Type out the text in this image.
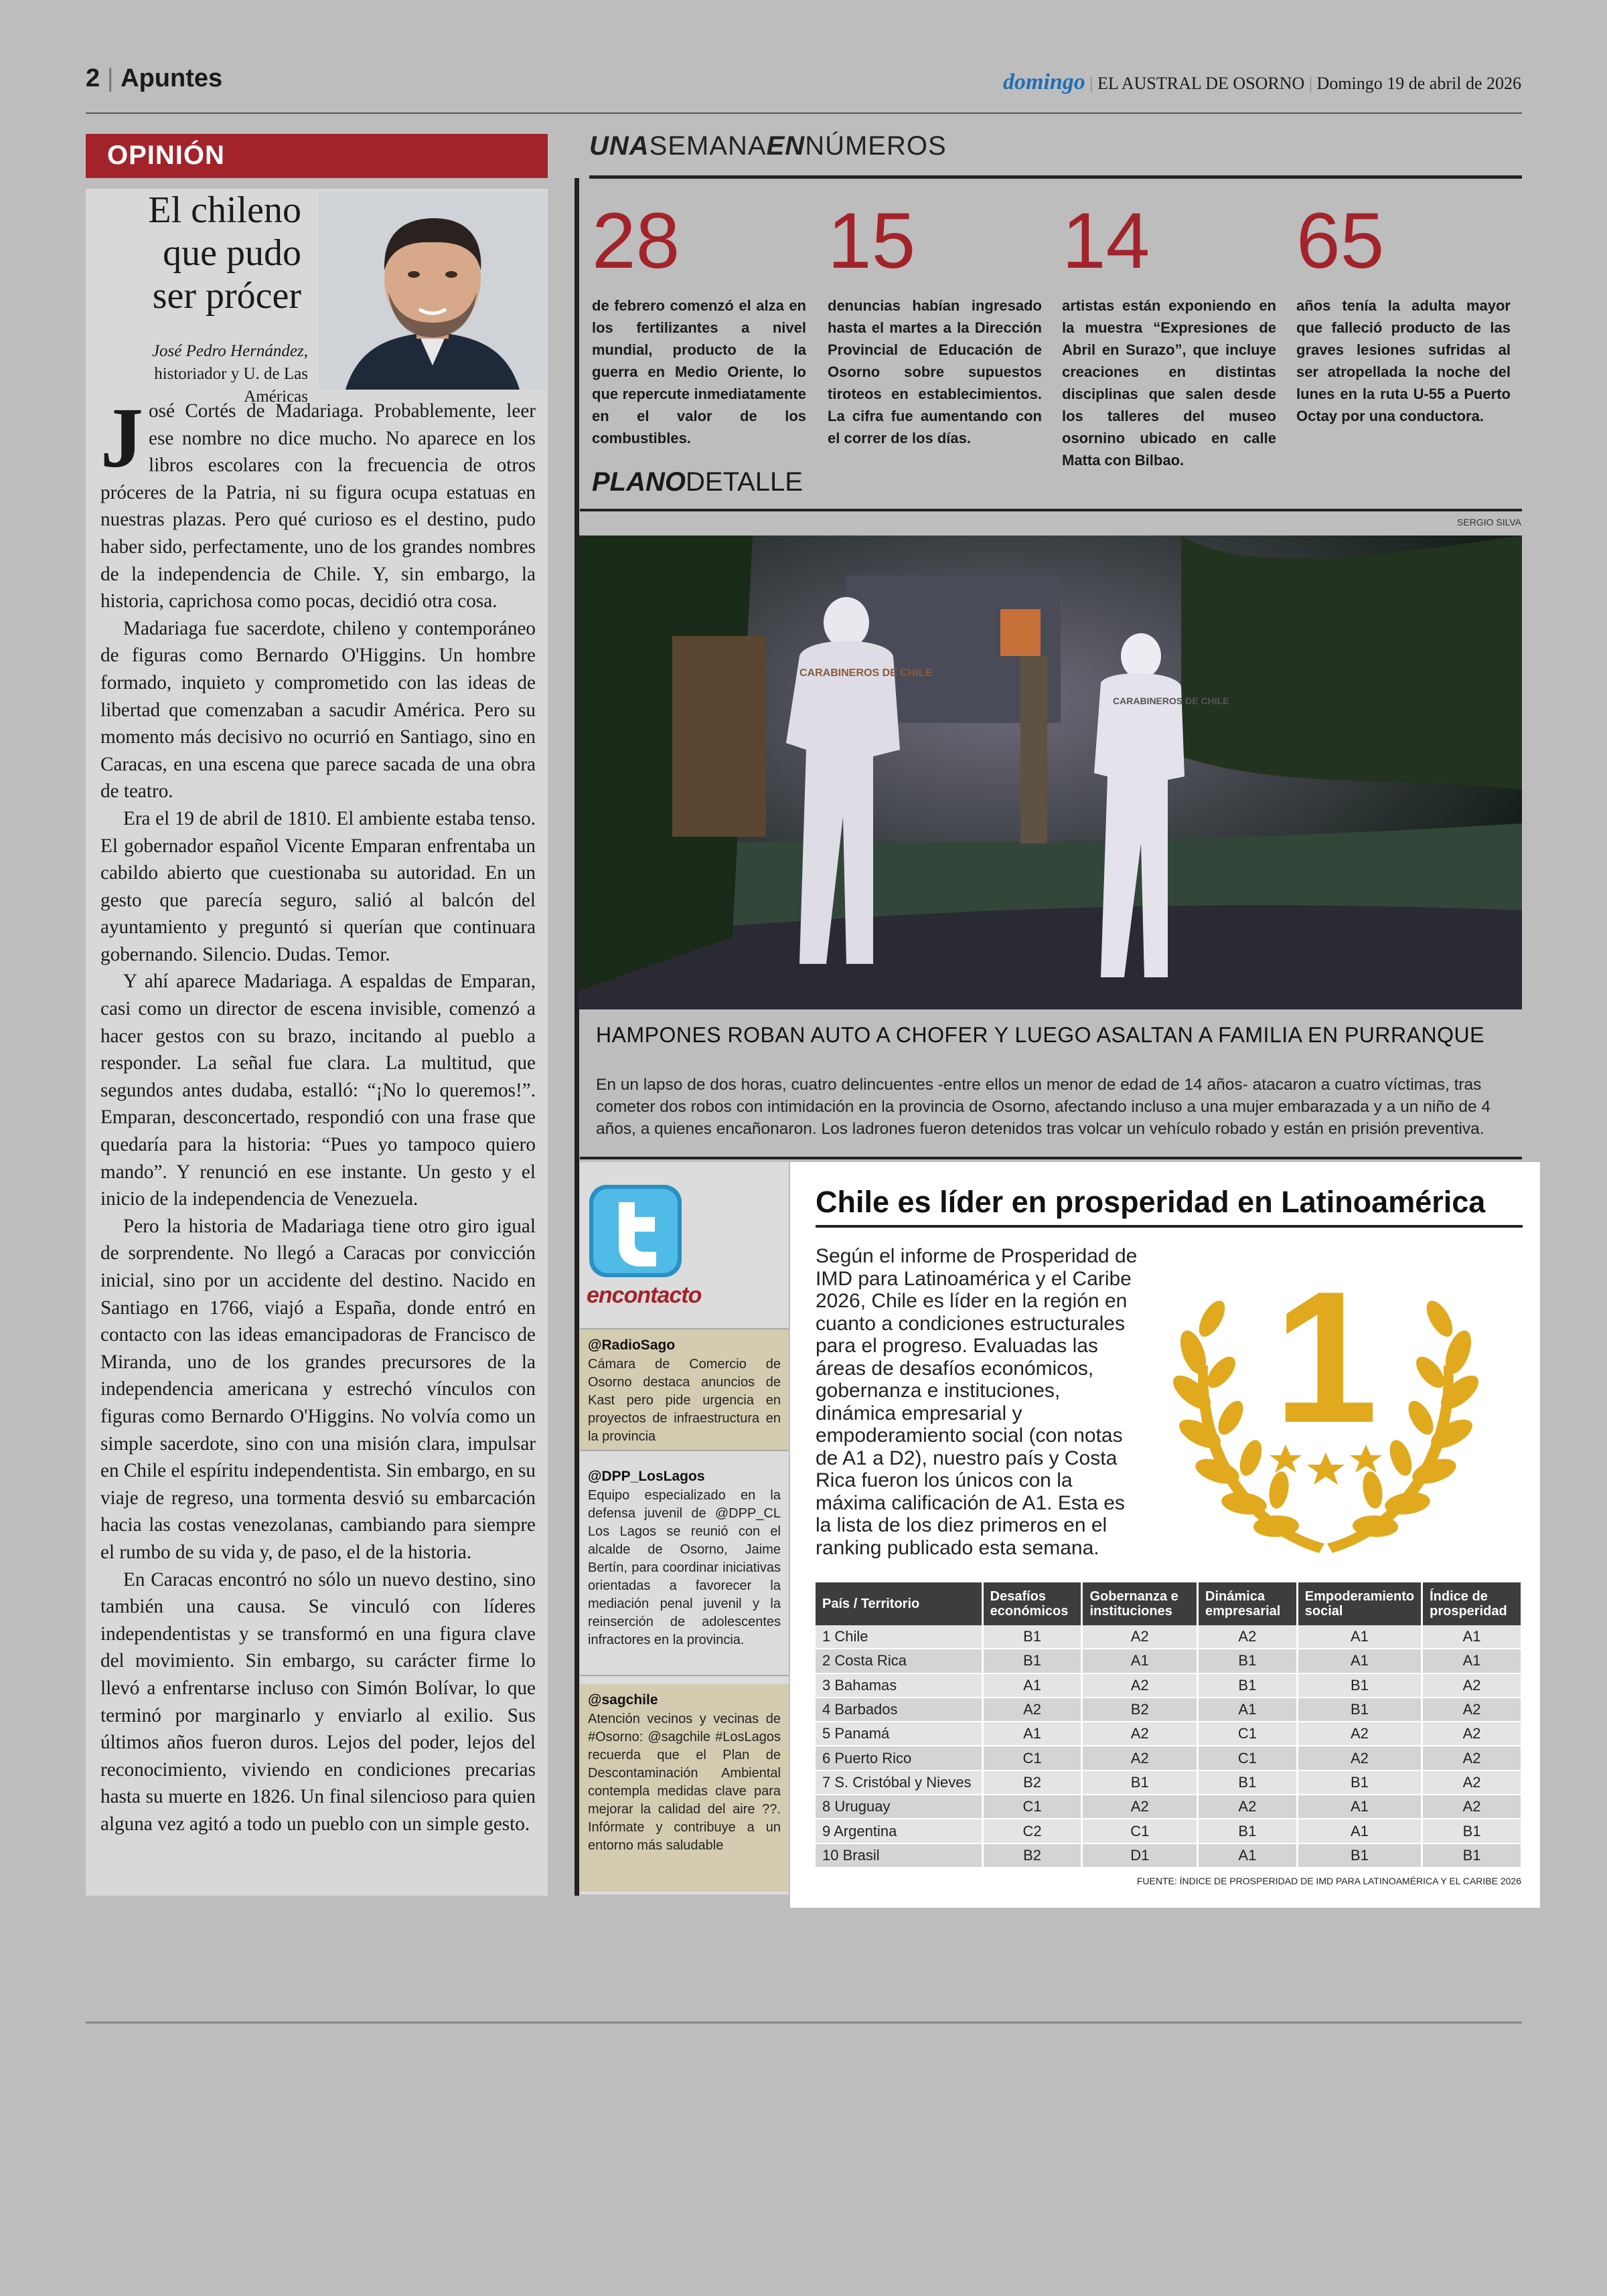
2 | Apuntes	domingo | EL AUSTRAL DE OSORNO | Domingo 19 de abril de 2026
OPINIÓN
El chileno
que pudo
ser prócer
José Pedro Hernández, historiador y U. de Las Américas

José Cortés de Madariaga. Probablemente, leer ese nombre no dice mucho. No aparece en los libros escolares con la frecuencia de otros próceres de la Patria, ni su figura ocupa estatuas en nuestras plazas. Pero qué curioso es el destino, pudo haber sido, perfectamente, uno de los grandes nombres de la independencia de Chile. Y, sin embargo, la historia, caprichosa como pocas, decidió otra cosa.

Madariaga fue sacerdote, chileno y contemporáneo de figuras como Bernardo O'Higgins. Un hombre formado, inquieto y comprometido con las ideas de libertad que comenzaban a sacudir América. Pero su momento más decisivo no ocurrió en Santiago, sino en Caracas, en una escena que parece sacada de una obra de teatro.

Era el 19 de abril de 1810. El ambiente estaba tenso. El gobernador español Vicente Emparan enfrentaba un cabildo abierto que cuestionaba su autoridad. En un gesto que parecía seguro, salió al balcón del ayuntamiento y preguntó si querían que continuara gobernando. Silencio. Dudas. Temor.

Y ahí aparece Madariaga. A espaldas de Emparan, casi como un director de escena invisible, comenzó a hacer gestos con su brazo, incitando al pueblo a responder. La señal fue clara. La multitud, que segundos antes dudaba, estalló: “¡No lo queremos!”. Emparan, desconcertado, respondió con una frase que quedaría para la historia: “Pues yo tampoco quiero mando”. Y renunció en ese instante. Un gesto y el inicio de la independencia de Venezuela.

Pero la historia de Madariaga tiene otro giro igual de sorprendente. No llegó a Caracas por convicción inicial, sino por un accidente del destino. Nacido en Santiago en 1766, viajó a España, donde entró en contacto con las ideas emancipadoras de Francisco de Miranda, uno de los grandes precursores de la independencia americana y estrechó vínculos con figuras como Bernardo O'Higgins. No volvía como un simple sacerdote, sino con una misión clara, impulsar en Chile el espíritu independentista. Sin embargo, en su viaje de regreso, una tormenta desvió su embarcación hacia las costas venezolanas, cambiando para siempre el rumbo de su vida y, de paso, el de la historia.

En Caracas encontró no sólo un nuevo destino, sino también una causa. Se vinculó con líderes independentistas y se transformó en una figura clave del movimiento. Sin embargo, su carácter firme lo llevó a enfrentarse incluso con Simón Bolívar, lo que terminó por marginarlo y enviarlo al exilio. Sus últimos años fueron duros. Lejos del poder, lejos del reconocimiento, viviendo en condiciones precarias hasta su muerte en 1826. Un final silencioso para quien alguna vez agitó a todo un pueblo con un simple gesto.

UNASEMANAENNÚMEROS
28
de febrero comenzó el alza en los fertilizantes a nivel mundial, producto de la guerra en Medio Oriente, lo que repercute inmediatamente en el valor de los combustibles.
15
denuncias habían ingresado hasta el martes a la Dirección Provincial de Educación de Osorno sobre supuestos tiroteos en establecimientos. La cifra fue aumentando con el correr de los días.
14
artistas están exponiendo en la muestra “Expresiones de Abril en Surazo”, que incluye creaciones en distintas disciplinas que salen desde los talleres del museo osornino ubicado en calle Matta con Bilbao.
65
años tenía la adulta mayor que falleció producto de las graves lesiones sufridas al ser atropellada la noche del lunes en la ruta U-55 a Puerto Octay por una conductora.
PLANODETALLE
SERGIO SILVA
CARABINEROS DE CHILE
CARABINEROS DE CHILE
HAMPONES ROBAN AUTO A CHOFER Y LUEGO ASALTAN A FAMILIA EN PURRANQUE
En un lapso de dos horas, cuatro delincuentes -entre ellos un menor de edad de 14 años- atacaron a cuatro víctimas, tras cometer dos robos con intimidación en la provincia de Osorno, afectando incluso a una mujer embarazada y a un niño de 4 años, a quienes encañonaron. Los ladrones fueron detenidos tras volcar un vehículo robado y están en prisión preventiva.
encontacto
@RadioSago
Cámara de Comercio de Osorno destaca anuncios de Kast pero pide urgencia en proyectos de infraestructura en la provincia
@DPP_LosLagos
Equipo especializado en la defensa juvenil de @DPP_CL Los Lagos se reunió con el alcalde de Osorno, Jaime Bertín, para coordinar iniciativas orientadas a favorecer la mediación penal juvenil y la reinserción de adolescentes infractores en la provincia.
@sagchile
Atención vecinos y vecinas de #Osorno: @sagchile #LosLagos recuerda que el Plan de Descontaminación Ambiental contempla medidas clave para mejorar la calidad del aire ??. Infórmate y contribuye a un entorno más saludable
Chile es líder en prosperidad en Latinoamérica
Según el informe de Prosperidad de IMD para Latinoamérica y el Caribe 2026, Chile es líder en la región en cuanto a condiciones estructurales para el progreso. Evaluadas las áreas de desafíos económicos, gobernanza e instituciones, dinámica empresarial y empoderamiento social (con notas de A1 a D2), nuestro país y Costa Rica fueron los únicos con la máxima calificación de A1. Esta es la lista de los diez primeros en el ranking publicado esta semana.
1
País / Territorio	Desafíos económicos	Gobernanza e instituciones	Dinámica empresarial	Empoderamiento social	Índice de prosperidad
1 Chile	B1	A2	A2	A1	A1
2 Costa Rica	B1	A1	B1	A1	A1
3 Bahamas	A1	A2	B1	B1	A2
4 Barbados	A2	B2	A1	B1	A2
5 Panamá	A1	A2	C1	A2	A2
6 Puerto Rico	C1	A2	C1	A2	A2
7 S. Cristóbal y Nieves	B2	B1	B1	B1	A2
8 Uruguay	C1	A2	A2	A1	A2
9 Argentina	C2	C1	B1	A1	B1
10 Brasil	B2	D1	A1	B1	B1
FUENTE: ÍNDICE DE PROSPERIDAD DE IMD PARA LATINOAMÉRICA Y EL CARIBE 2026
